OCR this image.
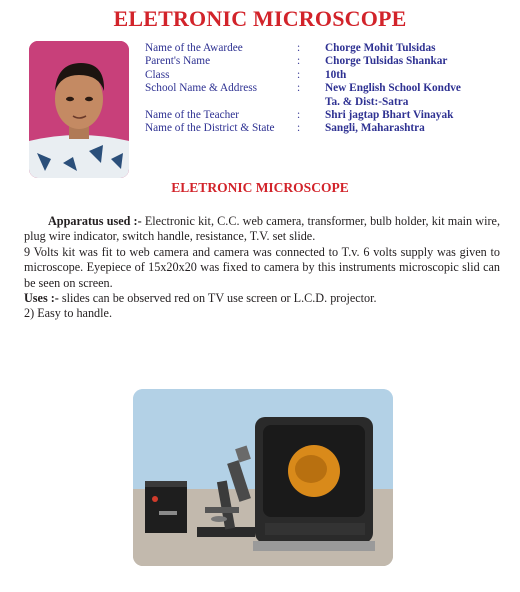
ELETRONIC MICROSCOPE
Name of the Awardee	:	Chorge Mohit Tulsidas
Parent's Name	:	Chorge Tulsidas Shankar
Class	:	10th
School Name & Address	:	New English School Kondve
		Ta. & Dist:-Satra
Name of the Teacher	:	Shri jagtap Bhart Vinayak
Name of the District & State	:	Sangli, Maharashtra
ELETRONIC MICROSCOPE

Apparatus used :- Electronic kit, C.C. web camera, transformer, bulb holder, kit main wire, plug wire indicator, switch handle, resistance, T.V. set slide.

9 Volts kit was fit to web camera and camera was connected to T.v. 6 volts supply was given to microscope. Eyepiece of 15x20x20 was fixed to camera by this instruments microscopic slid can be seen on screen.

Uses :- slides can be observed red on TV use screen or L.C.D. projector.

2) Easy to handle.
